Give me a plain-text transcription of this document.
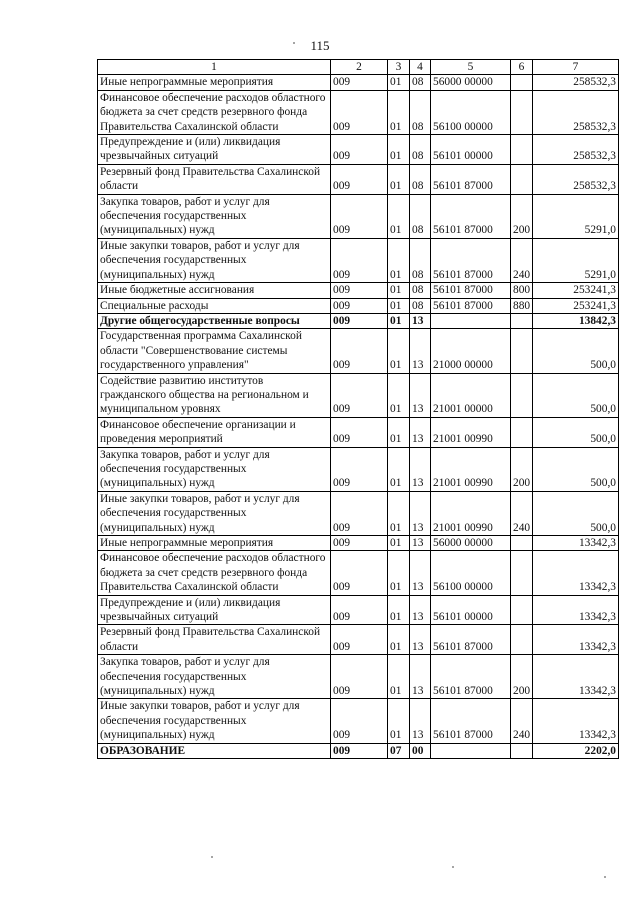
115
1	2	3	4	5	6	7
Иные непрограммные мероприятия	009	01	08	56000 00000		258532,3
Финансовое обеспечение расходов областного бюджета за счет средств резервного фонда Правительства Сахалинской области	009	01	08	56100 00000		258532,3
Предупреждение и (или) ликвидация чрезвычайных ситуаций	009	01	08	56101 00000		258532,3
Резервный фонд Правительства Сахалинской области	009	01	08	56101 87000		258532,3
Закупка товаров, работ и услуг для обеспечения государственных (муниципальных) нужд	009	01	08	56101 87000	200	5291,0
Иные закупки товаров, работ и услуг для обеспечения государственных (муниципальных) нужд	009	01	08	56101 87000	240	5291,0
Иные бюджетные ассигнования	009	01	08	56101 87000	800	253241,3
Специальные расходы	009	01	08	56101 87000	880	253241,3
Другие общегосударственные вопросы	009	01	13			13842,3
Государственная программа Сахалинской области "Совершенствование системы государственного управления"	009	01	13	21000 00000		500,0
Содействие развитию институтов гражданского общества на региональном и муниципальном уровнях	009	01	13	21001 00000		500,0
Финансовое обеспечение организации и проведения мероприятий	009	01	13	21001 00990		500,0
Закупка товаров, работ и услуг для обеспечения государственных (муниципальных) нужд	009	01	13	21001 00990	200	500,0
Иные закупки товаров, работ и услуг для обеспечения государственных (муниципальных) нужд	009	01	13	21001 00990	240	500,0
Иные непрограммные мероприятия	009	01	13	56000 00000		13342,3
Финансовое обеспечение расходов областного бюджета за счет средств резервного фонда Правительства Сахалинской области	009	01	13	56100 00000		13342,3
Предупреждение и (или) ликвидация чрезвычайных ситуаций	009	01	13	56101 00000		13342,3
Резервный фонд Правительства Сахалинской области	009	01	13	56101 87000		13342,3
Закупка товаров, работ и услуг для обеспечения государственных (муниципальных) нужд	009	01	13	56101 87000	200	13342,3
Иные закупки товаров, работ и услуг для обеспечения государственных (муниципальных) нужд	009	01	13	56101 87000	240	13342,3
ОБРАЗОВАНИЕ	009	07	00			2202,0
